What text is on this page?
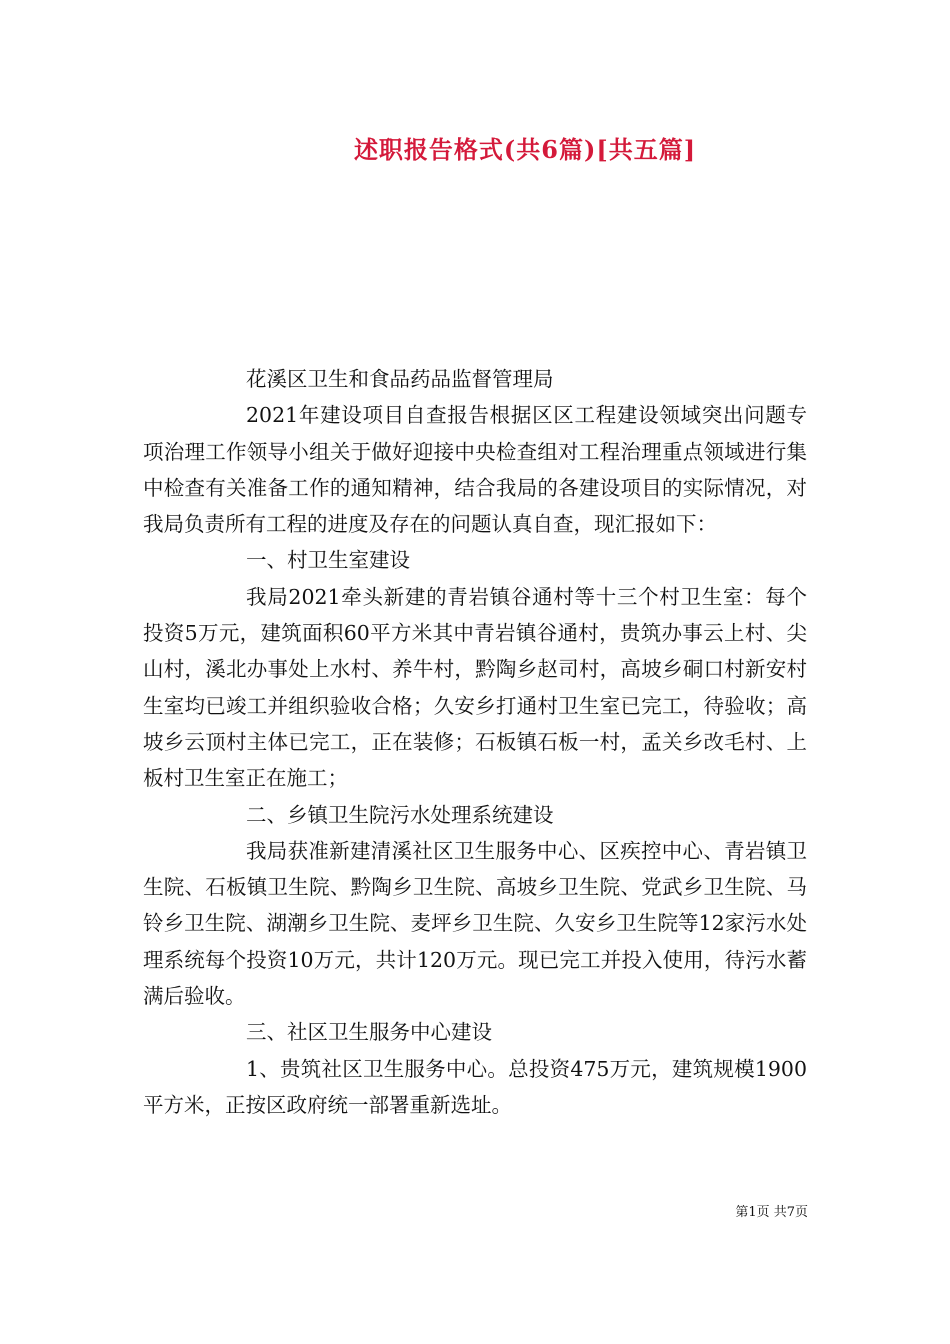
述职报告格式(共6篇)[共五篇]

花溪区卫生和食品药品监督管理局

2021年建设项目自查报告根据区区工程建设领域突出问题专项治理工作领导小组关于做好迎接中央检查组对工程治理重点领域进行集中检查有关准备工作的通知精神，结合我局的各建设项目的实际情况，对我局负责所有工程的进度及存在的问题认真自查，现汇报如下：

一、村卫生室建设

我局2021牵头新建的青岩镇谷通村等十三个村卫生室：每个投资5万元，建筑面积60平方米其中青岩镇谷通村，贵筑办事云上村、尖山村，溪北办事处上水村、养牛村，黔陶乡赵司村，高坡乡硐口村新安村生室均已竣工并组织验收合格；久安乡打通村卫生室已完工，待验收；高坡乡云顶村主体已完工，正在装修；石板镇石板一村，孟关乡改毛村、上板村卫生室正在施工；

二、乡镇卫生院污水处理系统建设

我局获准新建清溪社区卫生服务中心、区疾控中心、青岩镇卫生院、石板镇卫生院、黔陶乡卫生院、高坡乡卫生院、党武乡卫生院、马铃乡卫生院、湖潮乡卫生院、麦坪乡卫生院、久安乡卫生院等12家污水处理系统每个投资10万元，共计120万元。现已完工并投入使用，待污水蓄满后验收。

三、社区卫生服务中心建设

1、贵筑社区卫生服务中心。总投资475万元，建筑规模1900平方米，正按区政府统一部署重新选址。

第1页 共7页
